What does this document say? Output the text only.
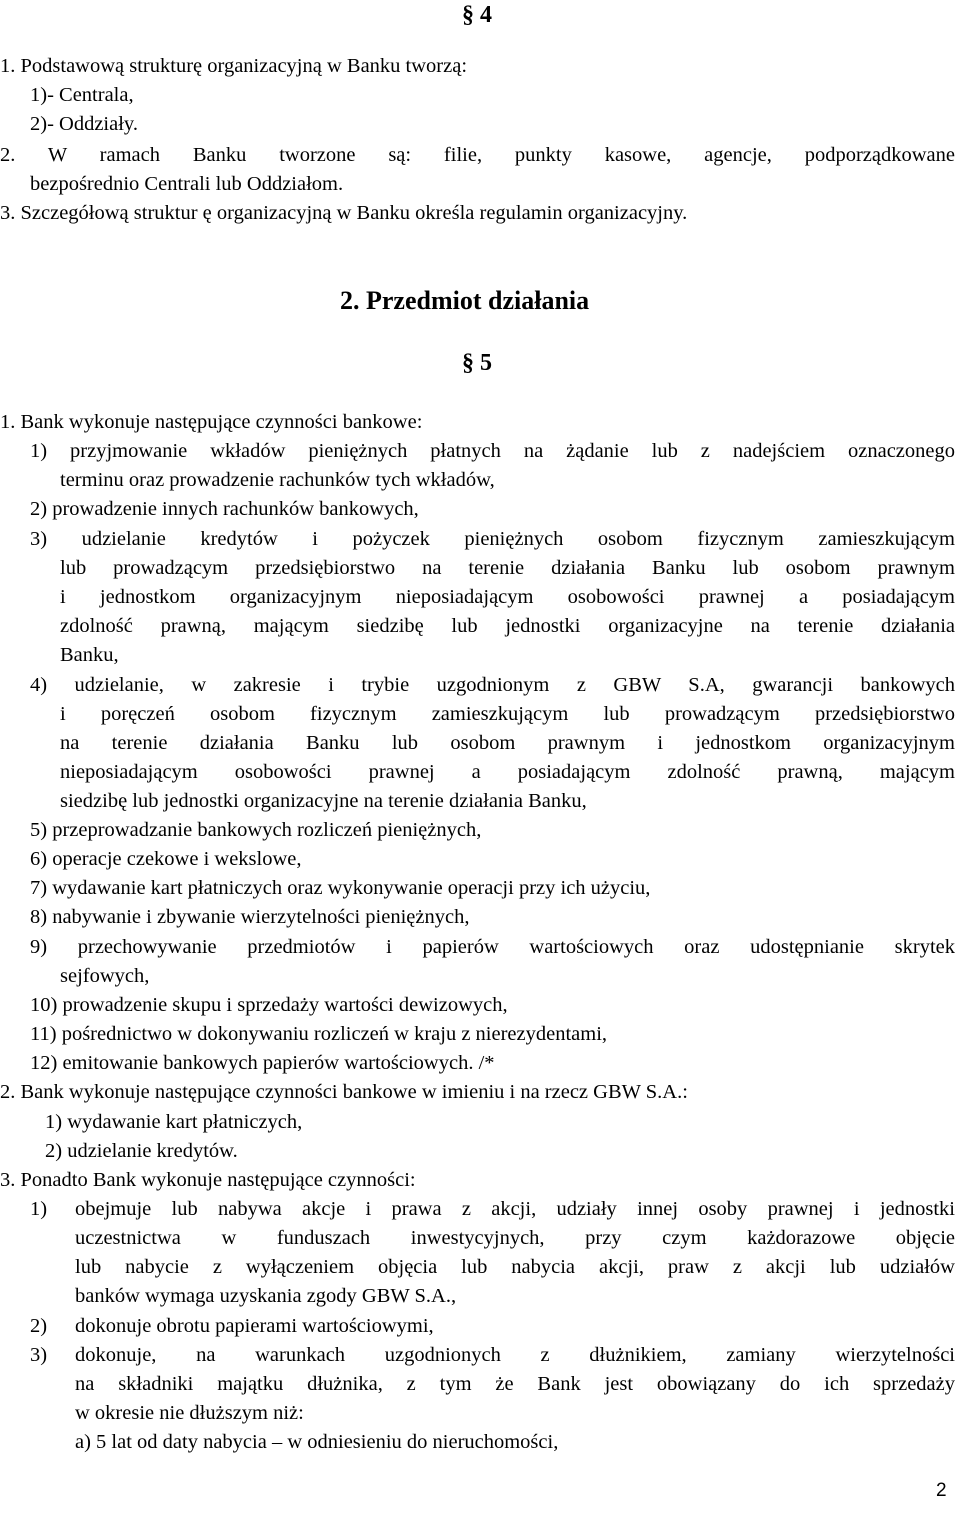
§ 4
1. Podstawową strukturę organizacyjną w Banku tworzą:
1)- Centrala,
2)- Oddziały.
2. W ramach Banku tworzone są: filie, punkty kasowe, agencje, podporządkowane
bezpośrednio Centrali lub Oddziałom.
3. Szczegółową struktur ę organizacyjną w Banku określa regulamin organizacyjny.
2. Przedmiot działania
§ 5
1. Bank wykonuje następujące czynności bankowe:
1) przyjmowanie wkładów pieniężnych płatnych na żądanie lub z nadejściem oznaczonego
terminu oraz prowadzenie rachunków tych wkładów,
2) prowadzenie innych rachunków bankowych,
3) udzielanie kredytów i pożyczek pieniężnych osobom fizycznym zamieszkującym
lub prowadzącym przedsiębiorstwo na terenie działania Banku lub osobom prawnym
i jednostkom organizacyjnym nieposiadającym osobowości prawnej a posiadającym
zdolność prawną, mającym siedzibę lub jednostki organizacyjne na terenie działania
Banku,
4) udzielanie, w zakresie i trybie uzgodnionym z GBW S.A, gwarancji bankowych
i poręczeń osobom fizycznym zamieszkującym lub prowadzącym przedsiębiorstwo
na terenie działania Banku lub osobom prawnym i jednostkom organizacyjnym
nieposiadającym osobowości prawnej a posiadającym zdolność prawną, mającym
siedzibę lub jednostki organizacyjne na terenie działania Banku,
5) przeprowadzanie bankowych rozliczeń pieniężnych,
6) operacje czekowe i wekslowe,
7) wydawanie kart płatniczych oraz wykonywanie operacji przy ich użyciu,
8) nabywanie i zbywanie wierzytelności pieniężnych,
9) przechowywanie przedmiotów i papierów wartościowych oraz udostępnianie skrytek
sejfowych,
10) prowadzenie skupu i sprzedaży wartości dewizowych,
11) pośrednictwo w dokonywaniu rozliczeń w kraju z nierezydentami,
12) emitowanie bankowych papierów wartościowych. /*
2. Bank wykonuje następujące czynności bankowe w imieniu i na rzecz GBW S.A.:
1) wydawanie kart płatniczych,
2) udzielanie kredytów.
3. Ponadto Bank wykonuje następujące czynności:
1) obejmuje lub nabywa akcje i prawa z akcji, udziały innej osoby prawnej i jednostki
uczestnictwa w funduszach inwestycyjnych, przy czym każdorazowe objęcie
lub nabycie z wyłączeniem objęcia lub nabycia akcji, praw z akcji lub udziałów
banków wymaga uzyskania zgody GBW S.A.,
2) dokonuje obrotu papierami wartościowymi,
3) dokonuje, na warunkach uzgodnionych z dłużnikiem, zamiany wierzytelności
na składniki majątku dłużnika, z tym że Bank jest obowiązany do ich sprzedaży
w okresie nie dłuższym niż:
a) 5 lat od daty nabycia – w odniesieniu do nieruchomości,
2
